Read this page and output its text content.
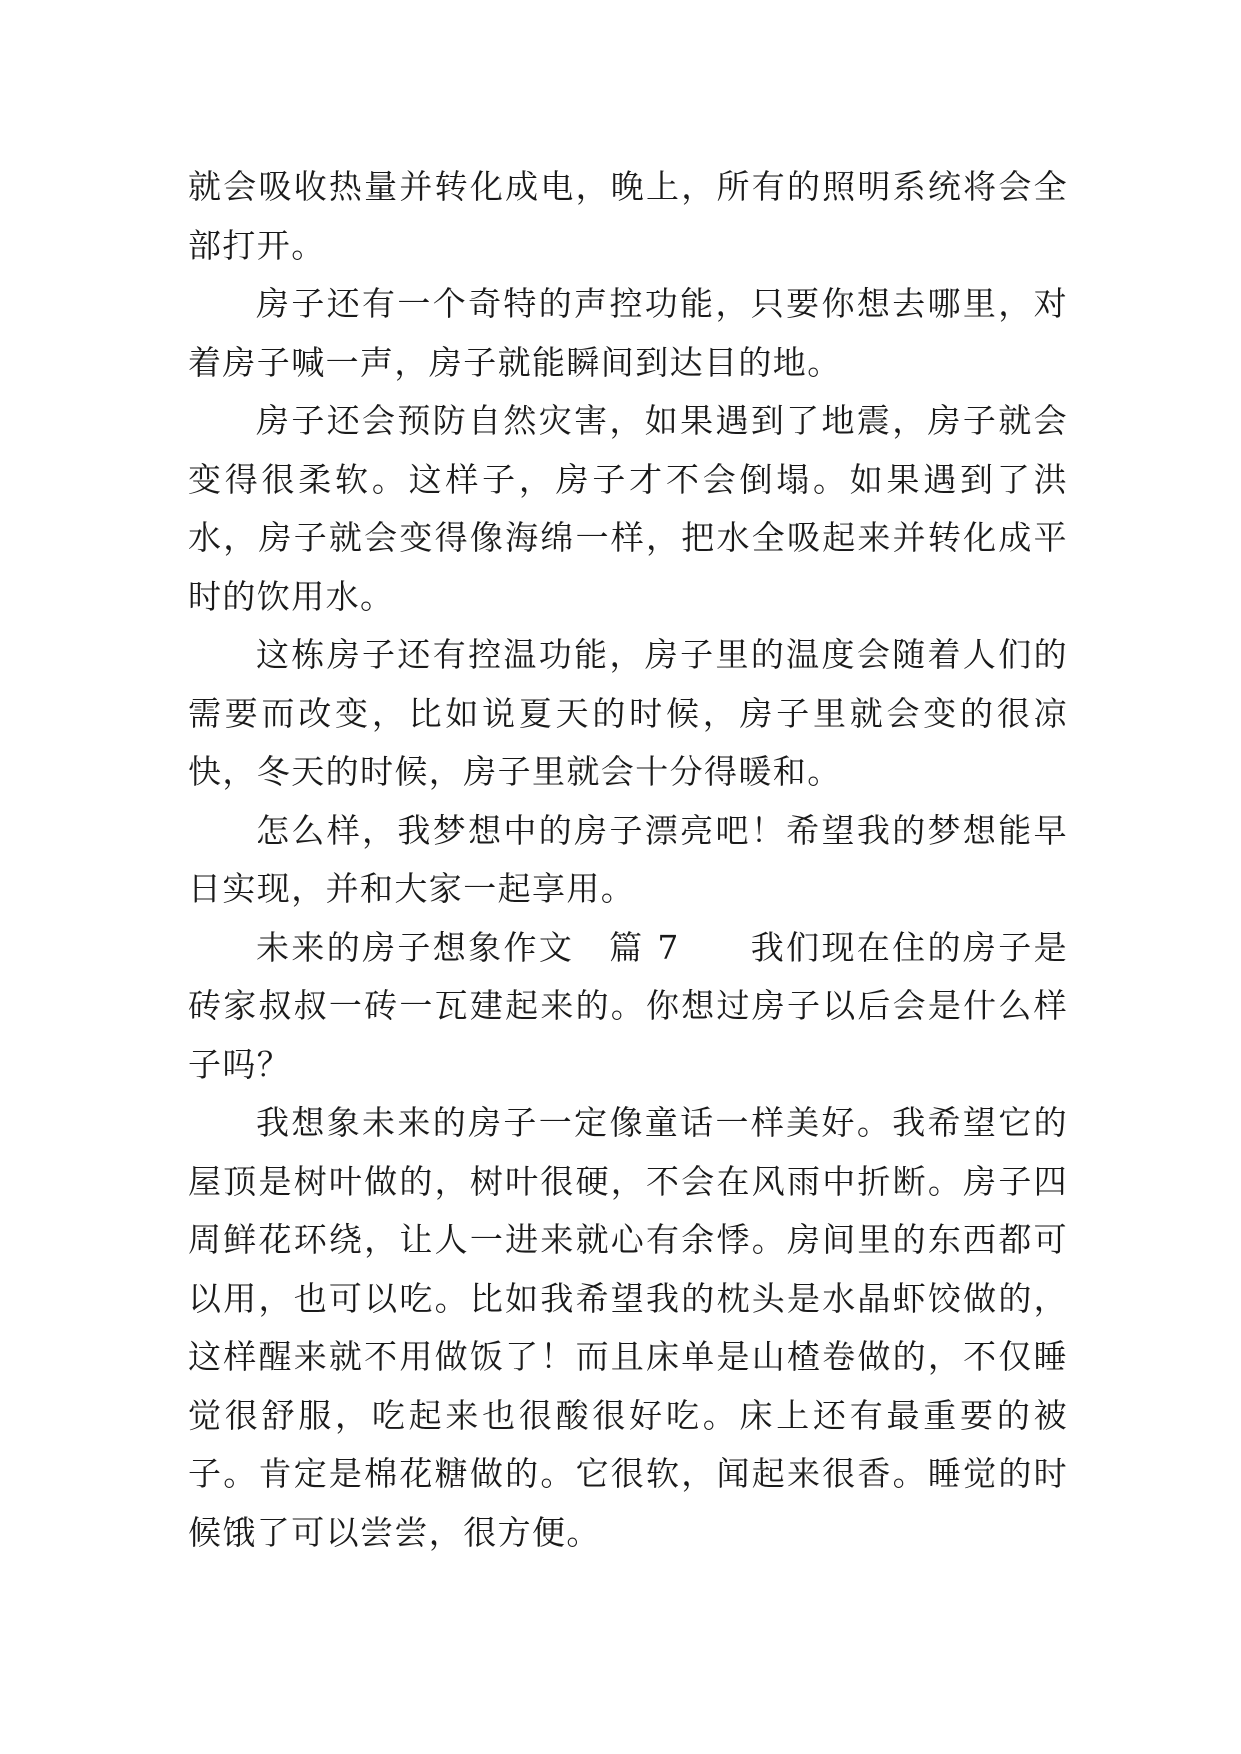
就会吸收热量并转化成电，晚上，所有的照明系统将会全部打开。

房子还有一个奇特的声控功能，只要你想去哪里，对着房子喊一声，房子就能瞬间到达目的地。

房子还会预防自然灾害，如果遇到了地震，房子就会变得很柔软。这样子，房子才不会倒塌。如果遇到了洪水，房子就会变得像海绵一样，把水全吸起来并转化成平时的饮用水。

这栋房子还有控温功能，房子里的温度会随着人们的需要而改变，比如说夏天的时候，房子里就会变的很凉快，冬天的时候，房子里就会十分得暖和。

怎么样，我梦想中的房子漂亮吧！希望我的梦想能早日实现，并和大家一起享用。

未来的房子想象作文 篇 7 我们现在住的房子是砖家叔叔一砖一瓦建起来的。你想过房子以后会是什么样子吗？

我想象未来的房子一定像童话一样美好。我希望它的屋顶是树叶做的，树叶很硬，不会在风雨中折断。房子四周鲜花环绕，让人一进来就心有余悸。房间里的东西都可以用，也可以吃。比如我希望我的枕头是水晶虾饺做的，这样醒来就不用做饭了！而且床单是山楂卷做的，不仅睡觉很舒服，吃起来也很酸很好吃。床上还有最重要的被子。肯定是棉花糖做的。它很软，闻起来很香。睡觉的时候饿了可以尝尝，很方便。
